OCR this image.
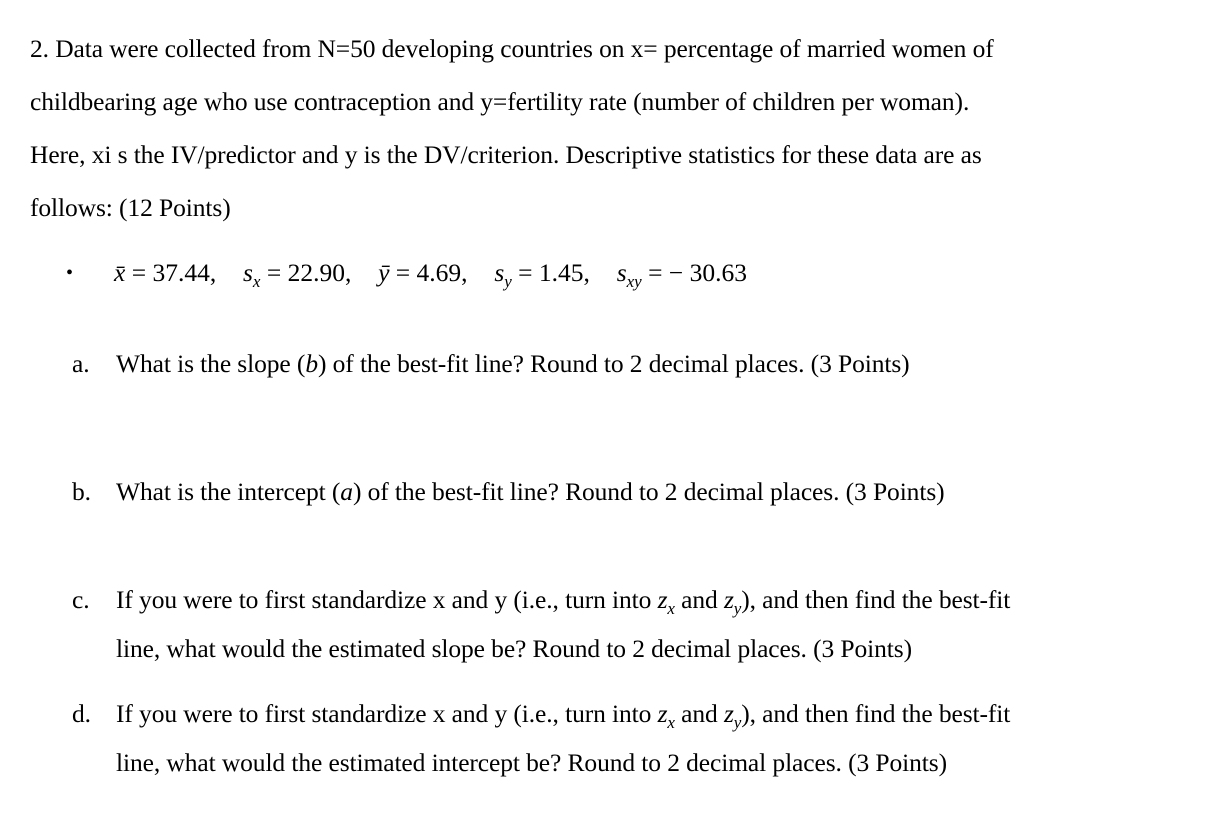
2. Data were collected from N=50 developing countries on x= percentage of married women of
childbearing age who use contraception and y=fertility rate (number of children per woman).
Here, xi s the IV/predictor and y is the DV/criterion. Descriptive statistics for these data are as
follows: (12 Points)
• x̄ = 37.44, $s_x = 22.90$, ȳ = 4.69, $s_y = 1.45$, $s_{xy}$ = − 30.63
a. What is the slope (b) of the best-fit line? Round to 2 decimal places. (3 Points)
b. What is the intercept (a) of the best-fit line? Round to 2 decimal places. (3 Points)
c. If you were to first standardize x and y (i.e., turn into $z_x$ and $z_y$), and then find the best-fit
line, what would the estimated slope be? Round to 2 decimal places. (3 Points)
d. If you were to first standardize x and y (i.e., turn into $z_x$ and $z_y$), and then find the best-fit
line, what would the estimated intercept be? Round to 2 decimal places. (3 Points)
